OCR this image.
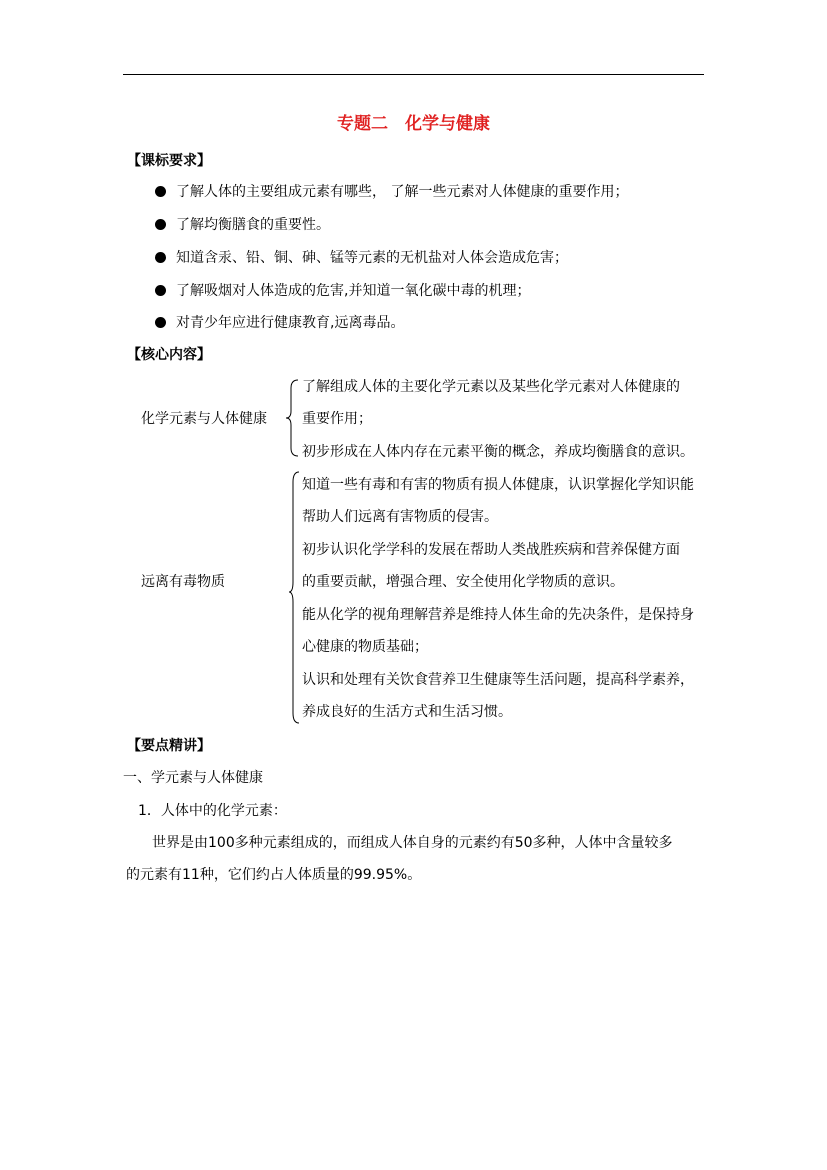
专题二　化学与健康
【课标要求】
了解人体的主要组成元素有哪些， 了解一些元素对人体健康的重要作用；
了解均衡膳食的重要性。
知道含汞、铅、铜、砷、锰等元素的无机盐对人体会造成危害；
了解吸烟对人体造成的危害,并知道一氧化碳中毒的机理；
对青少年应进行健康教育,远离毒品。
【核心内容】
化学元素与人体健康
了解组成人体的主要化学元素以及某些化学元素对人体健康的
重要作用；
初步形成在人体内存在元素平衡的概念，养成均衡膳食的意识。
远离有毒物质
知道一些有毒和有害的物质有损人体健康，认识掌握化学知识能
帮助人们远离有害物质的侵害。
初步认识化学学科的发展在帮助人类战胜疾病和营养保健方面
的重要贡献，增强合理、安全使用化学物质的意识。
能从化学的视角理解营养是维持人体生命的先决条件，是保持身
心健康的物质基础；
认识和处理有关饮食营养卫生健康等生活问题，提高科学素养，
养成良好的生活方式和生活习惯。
【要点精讲】
一、学元素与人体健康
1．人体中的化学元素：
世界是由100多种元素组成的，而组成人体自身的元素约有50多种，人体中含量较多
的元素有11种，它们约占人体质量的99.95%。
